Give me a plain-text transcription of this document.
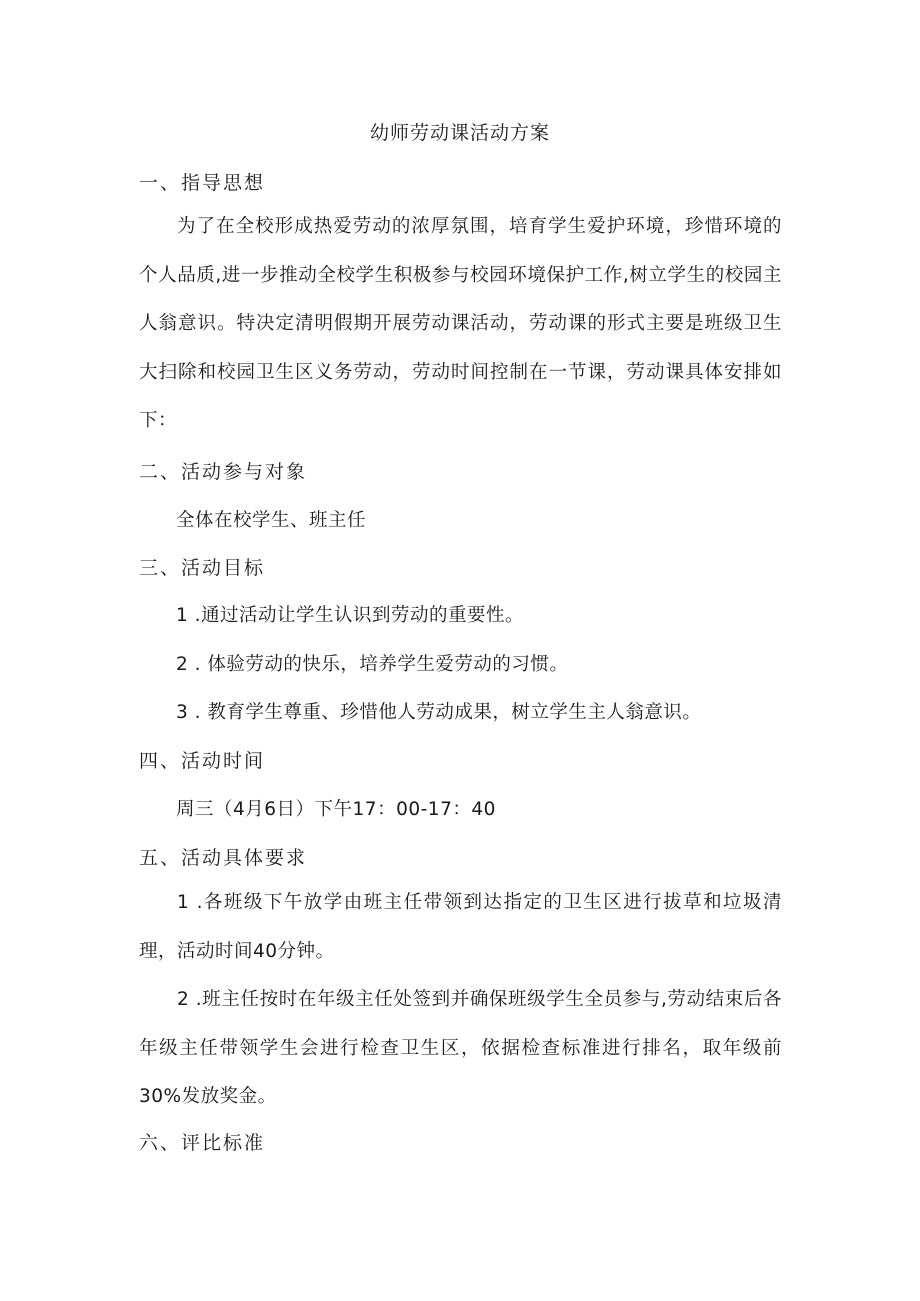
幼师劳动课活动方案
一、指导思想
为了在全校形成热爱劳动的浓厚氛围，培育学生爱护环境，珍惜环境的个人品质,进一步推动全校学生积极参与校园环境保护工作,树立学生的校园主人翁意识。特决定清明假期开展劳动课活动，劳动课的形式主要是班级卫生大扫除和校园卫生区义务劳动，劳动时间控制在一节课，劳动课具体安排如下：
二、活动参与对象
全体在校学生、班主任
三、活动目标
1 .通过活动让学生认识到劳动的重要性。
2 . 体验劳动的快乐，培养学生爱劳动的习惯。
3 . 教育学生尊重、珍惜他人劳动成果，树立学生主人翁意识。
四、活动时间
周三（4月6日）下午17：00-17：40
五、活动具体要求
1 .各班级下午放学由班主任带领到达指定的卫生区进行拔草和垃圾清理，活动时间40分钟。
2 .班主任按时在年级主任处签到并确保班级学生全员参与,劳动结束后各年级主任带领学生会进行检查卫生区，依据检查标准进行排名，取年级前30%发放奖金。
六、评比标准
